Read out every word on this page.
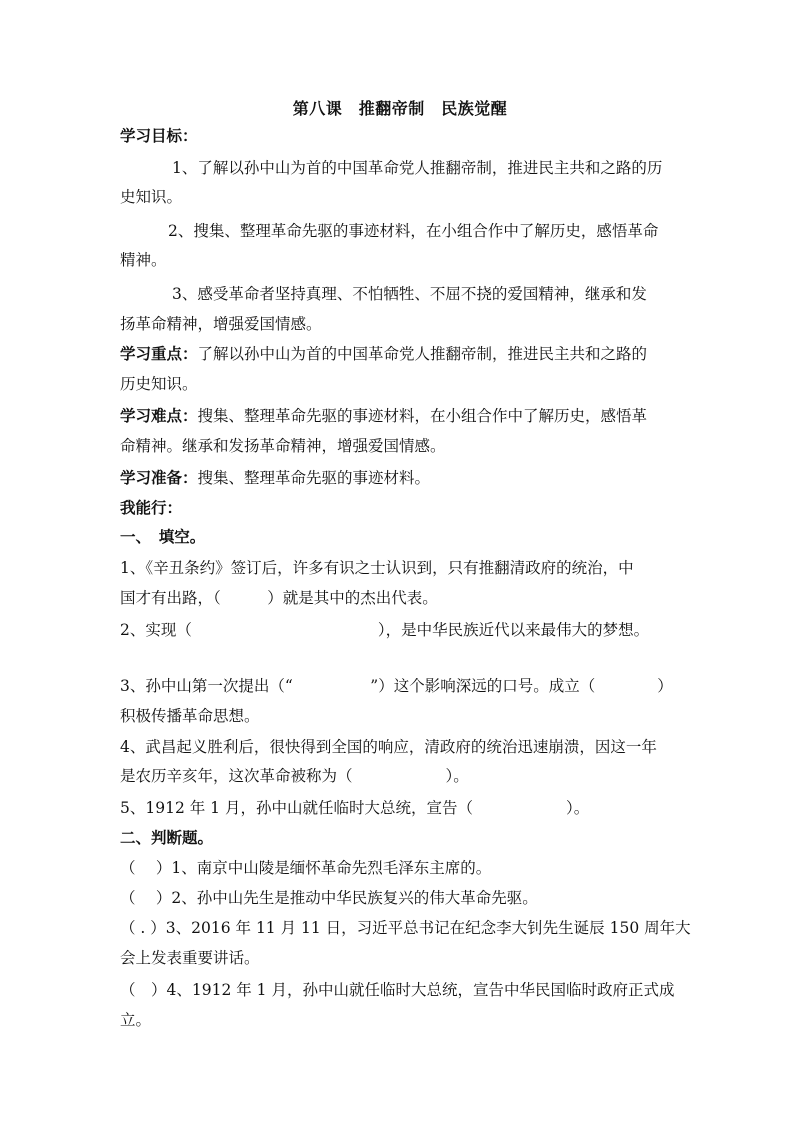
第八课　推翻帝制　民族觉醒
学习目标：
1、了解以孙中山为首的中国革命党人推翻帝制，推进民主共和之路的历
史知识。
2、搜集、整理革命先驱的事迹材料，在小组合作中了解历史，感悟革命
精神。
3、感受革命者坚持真理、不怕牺牲、不屈不挠的爱国精神，继承和发
扬革命精神，增强爱国情感。
学习重点：了解以孙中山为首的中国革命党人推翻帝制，推进民主共和之路的
历史知识。
学习难点：搜集、整理革命先驱的事迹材料，在小组合作中了解历史，感悟革
命精神。继承和发扬革命精神，增强爱国情感。
学习准备：搜集、整理革命先驱的事迹材料。
我能行：
一、　填空。
1、《辛丑条约》签订后，许多有识之士认识到，只有推翻清政府的统治，中
国才有出路，（　　　）就是其中的杰出代表。
2、实现（　　　　　　　　　　　　），是中华民族近代以来最伟大的梦想。
3、孙中山第一次提出（“　　　　　”）这个影响深远的口号。成立（　　　　）
积极传播革命思想。
4、武昌起义胜利后，很快得到全国的响应，清政府的统治迅速崩溃，因这一年
是农历辛亥年，这次革命被称为（　　　　　　）。
5、1912 年 1 月，孙中山就任临时大总统，宣告（　　　　　　）。
二、判断题。
（　 ）1、南京中山陵是缅怀革命先烈毛泽东主席的。
（　 ）2、孙中山先生是推动中华民族复兴的伟大革命先驱。
（ . ）3、2016 年 11 月 11 日，习近平总书记在纪念李大钊先生诞辰 150 周年大
会上发表重要讲话。
（　）4、1912 年 1 月，孙中山就任临时大总统，宣告中华民国临时政府正式成
立。
